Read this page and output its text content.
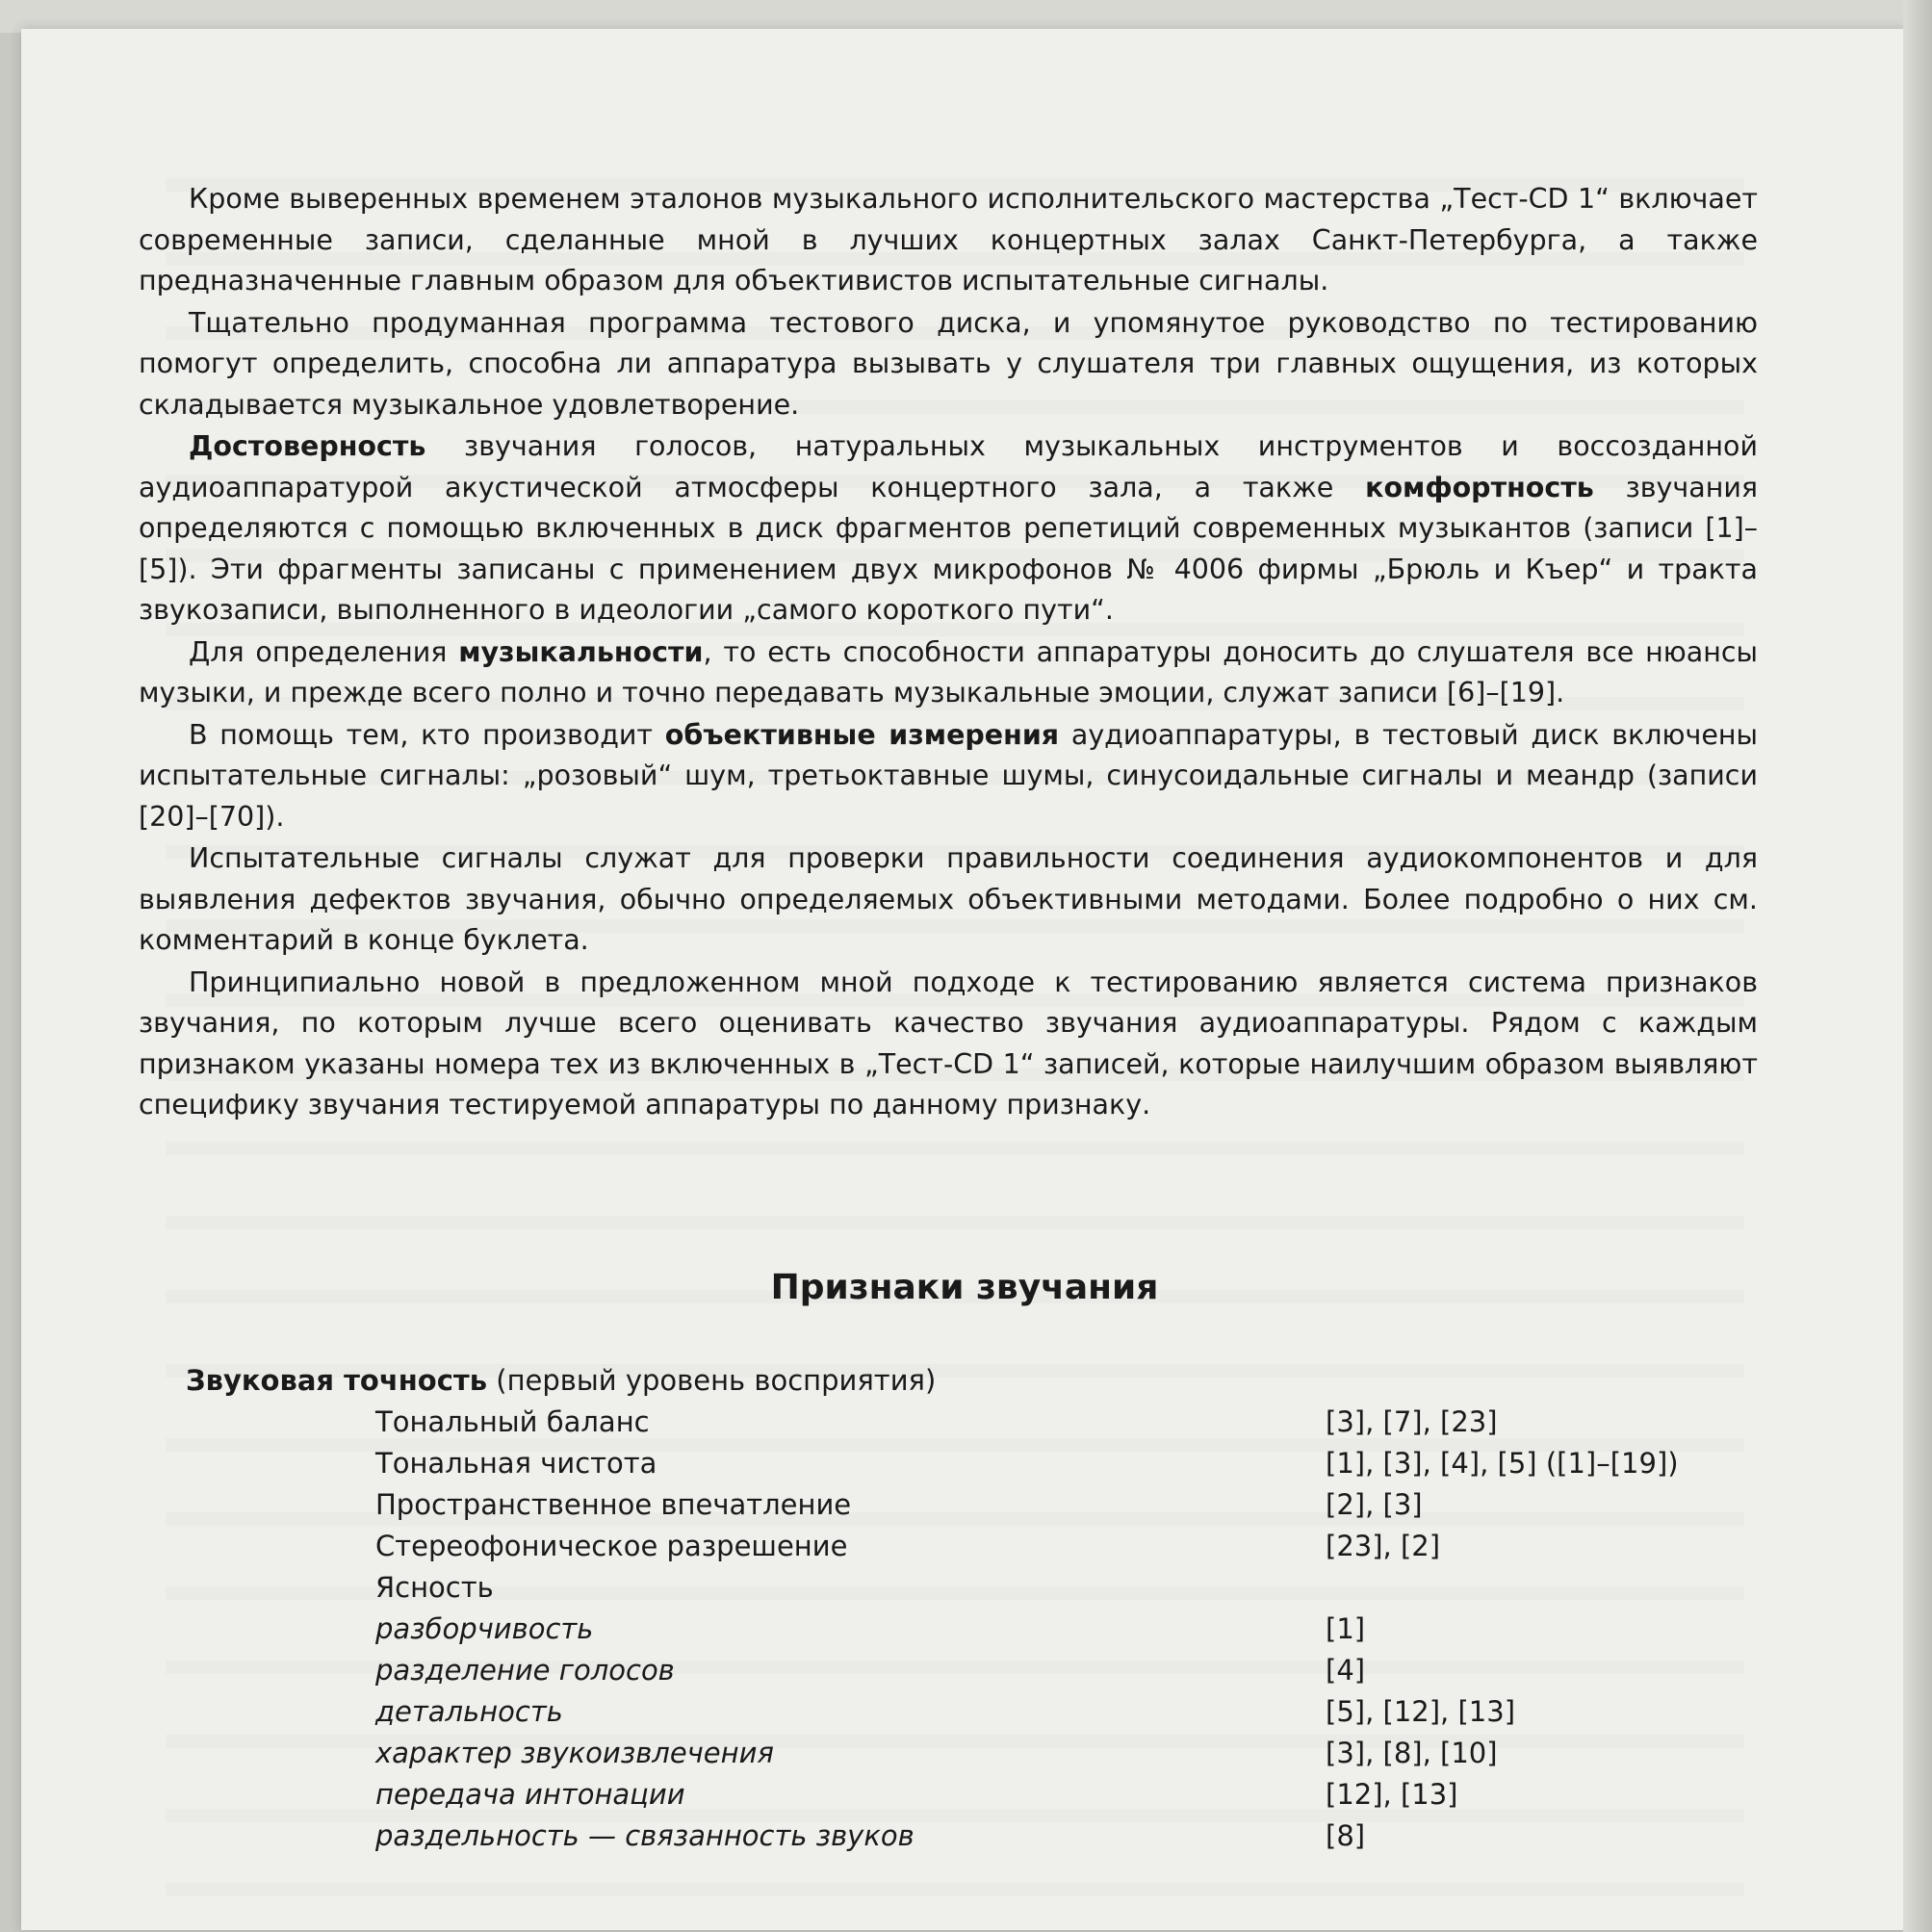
Кроме выверенных временем эталонов музыкального исполнительского мастерства „Тест-CD 1“ включает современные записи, сделанные мной в лучших концертных залах Санкт-Петербурга, а также предназначенные главным образом для объективистов испытательные сигналы.

Тщательно продуманная программа тестового диска, и упомянутое руководство по тестированию помогут определить, способна ли аппаратура вызывать у слушателя три главных ощущения, из которых складывается музыкальное удовлетворение.

Достоверность звучания голосов, натуральных музыкальных инструментов и воссозданной аудиоаппаратурой акустической атмосферы концертного зала, а также комфортность звучания определяются с помощью включенных в диск фрагментов репетиций современных музыкантов (записи [1]–[5]). Эти фрагменты записаны с применением двух микрофонов № 4006 фирмы „Брюль и Къер“ и тракта звукозаписи, выполненного в идеологии „самого короткого пути“.

Для определения музыкальности, то есть способности аппаратуры доносить до слушателя все нюансы музыки, и прежде всего полно и точно передавать музыкальные эмоции, служат записи [6]–[19].

В помощь тем, кто производит объективные измерения аудиоаппаратуры, в тестовый диск включены испытательные сигналы: „розовый“ шум, третьоктавные шумы, синусоидальные сигналы и меандр (записи [20]–[70]).

Испытательные сигналы служат для проверки правильности соединения аудиокомпонентов и для выявления дефектов звучания, обычно определяемых объективными методами. Более подробно о них см. комментарий в конце буклета.

Принципиально новой в предложенном мной подходе к тестированию является система признаков звучания, по которым лучше всего оценивать качество звучания аудиоаппаратуры. Рядом с каждым признаком указаны номера тех из включенных в „Тест-CD 1“ записей, которые наилучшим образом выявляют специфику звучания тестируемой аппаратуры по данному признаку.

Признаки звучания
Звуковая точность (первый уровень восприятия)
Тональный баланс	[3], [7], [23]
Тональная чистота	[1], [3], [4], [5] ([1]–[19])
Пространственное впечатление	[2], [3]
Стереофоническое разрешение	[23], [2]
Ясность
разборчивость	[1]
разделение голосов	[4]
детальность	[5], [12], [13]
характер звукоизвлечения	[3], [8], [10]
передача интонации	[12], [13]
раздельность — связанность звуков	[8]
